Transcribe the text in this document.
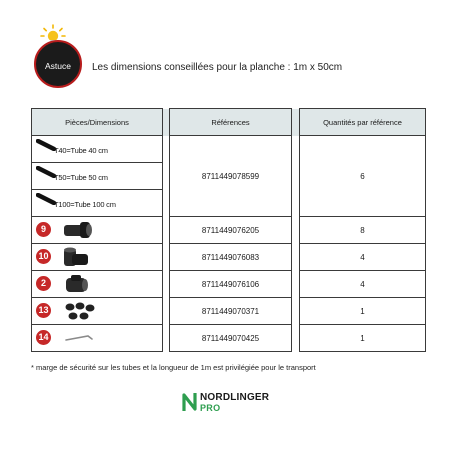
Astuce	Les dimensions conseillées pour la planche : 1m x 50cm
Pièces/Dimensions		Références		Quantités par référence

T40=Tube 40 cm		8711449078599		6

T50=Tube 50 cm				

T100=Tube 100 cm				

9		8711449076205		8

10		8711449076083		4

2		8711449076106		4

13		8711449070371		1

14		8711449070425		1
* marge de sécurité sur les tubes et la longueur de 1m est privilégiée pour le transport
NORDLINGER
PRO
